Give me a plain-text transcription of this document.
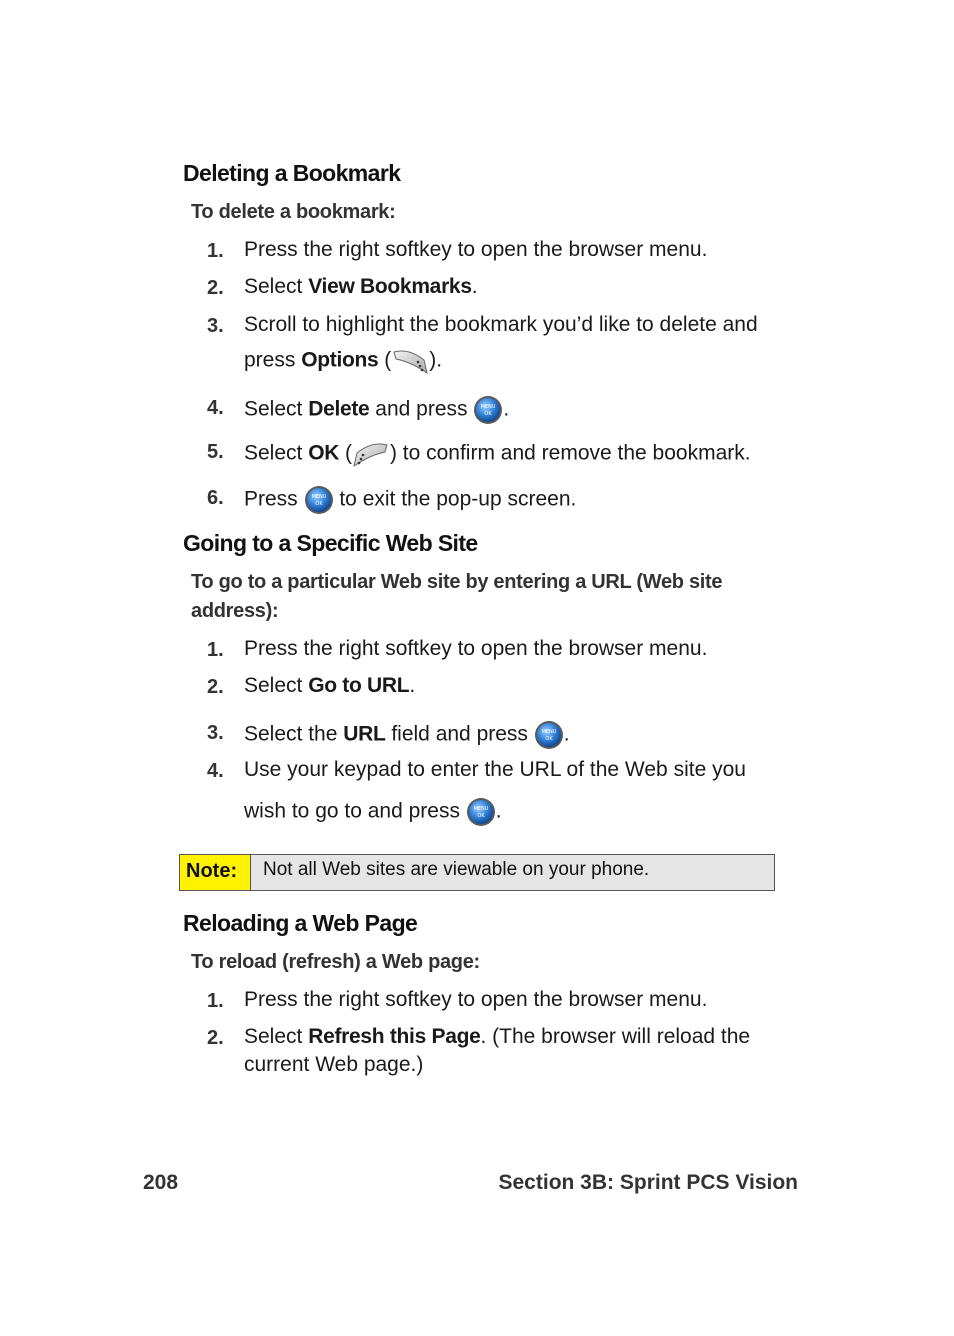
Deleting a Bookmark
To delete a bookmark:
1. Press the right softkey to open the browser menu.
2. Select View Bookmarks.
3. Scroll to highlight the bookmark you’d like to delete and
press Options ( ).
4. Select Delete and press MENU
OK .
5. Select OK ( ) to confirm and remove the bookmark.
6. Press MENU
OK to exit the pop-up screen.
Going to a Specific Web Site
To go to a particular Web site by entering a URL (Web site
address):
1. Press the right softkey to open the browser menu.
2. Select Go to URL.
3. Select the URL field and press MENU
OK .
4. Use your keypad to enter the URL of the Web site you
wish to go to and press MENU
OK .
Note:	Not all Web sites are viewable on your phone.
Reloading a Web Page
To reload (refresh) a Web page:
1. Press the right softkey to open the browser menu.
2. Select Refresh this Page. (The browser will reload the
current Web page.)
208	Section 3B: Sprint PCS Vision
